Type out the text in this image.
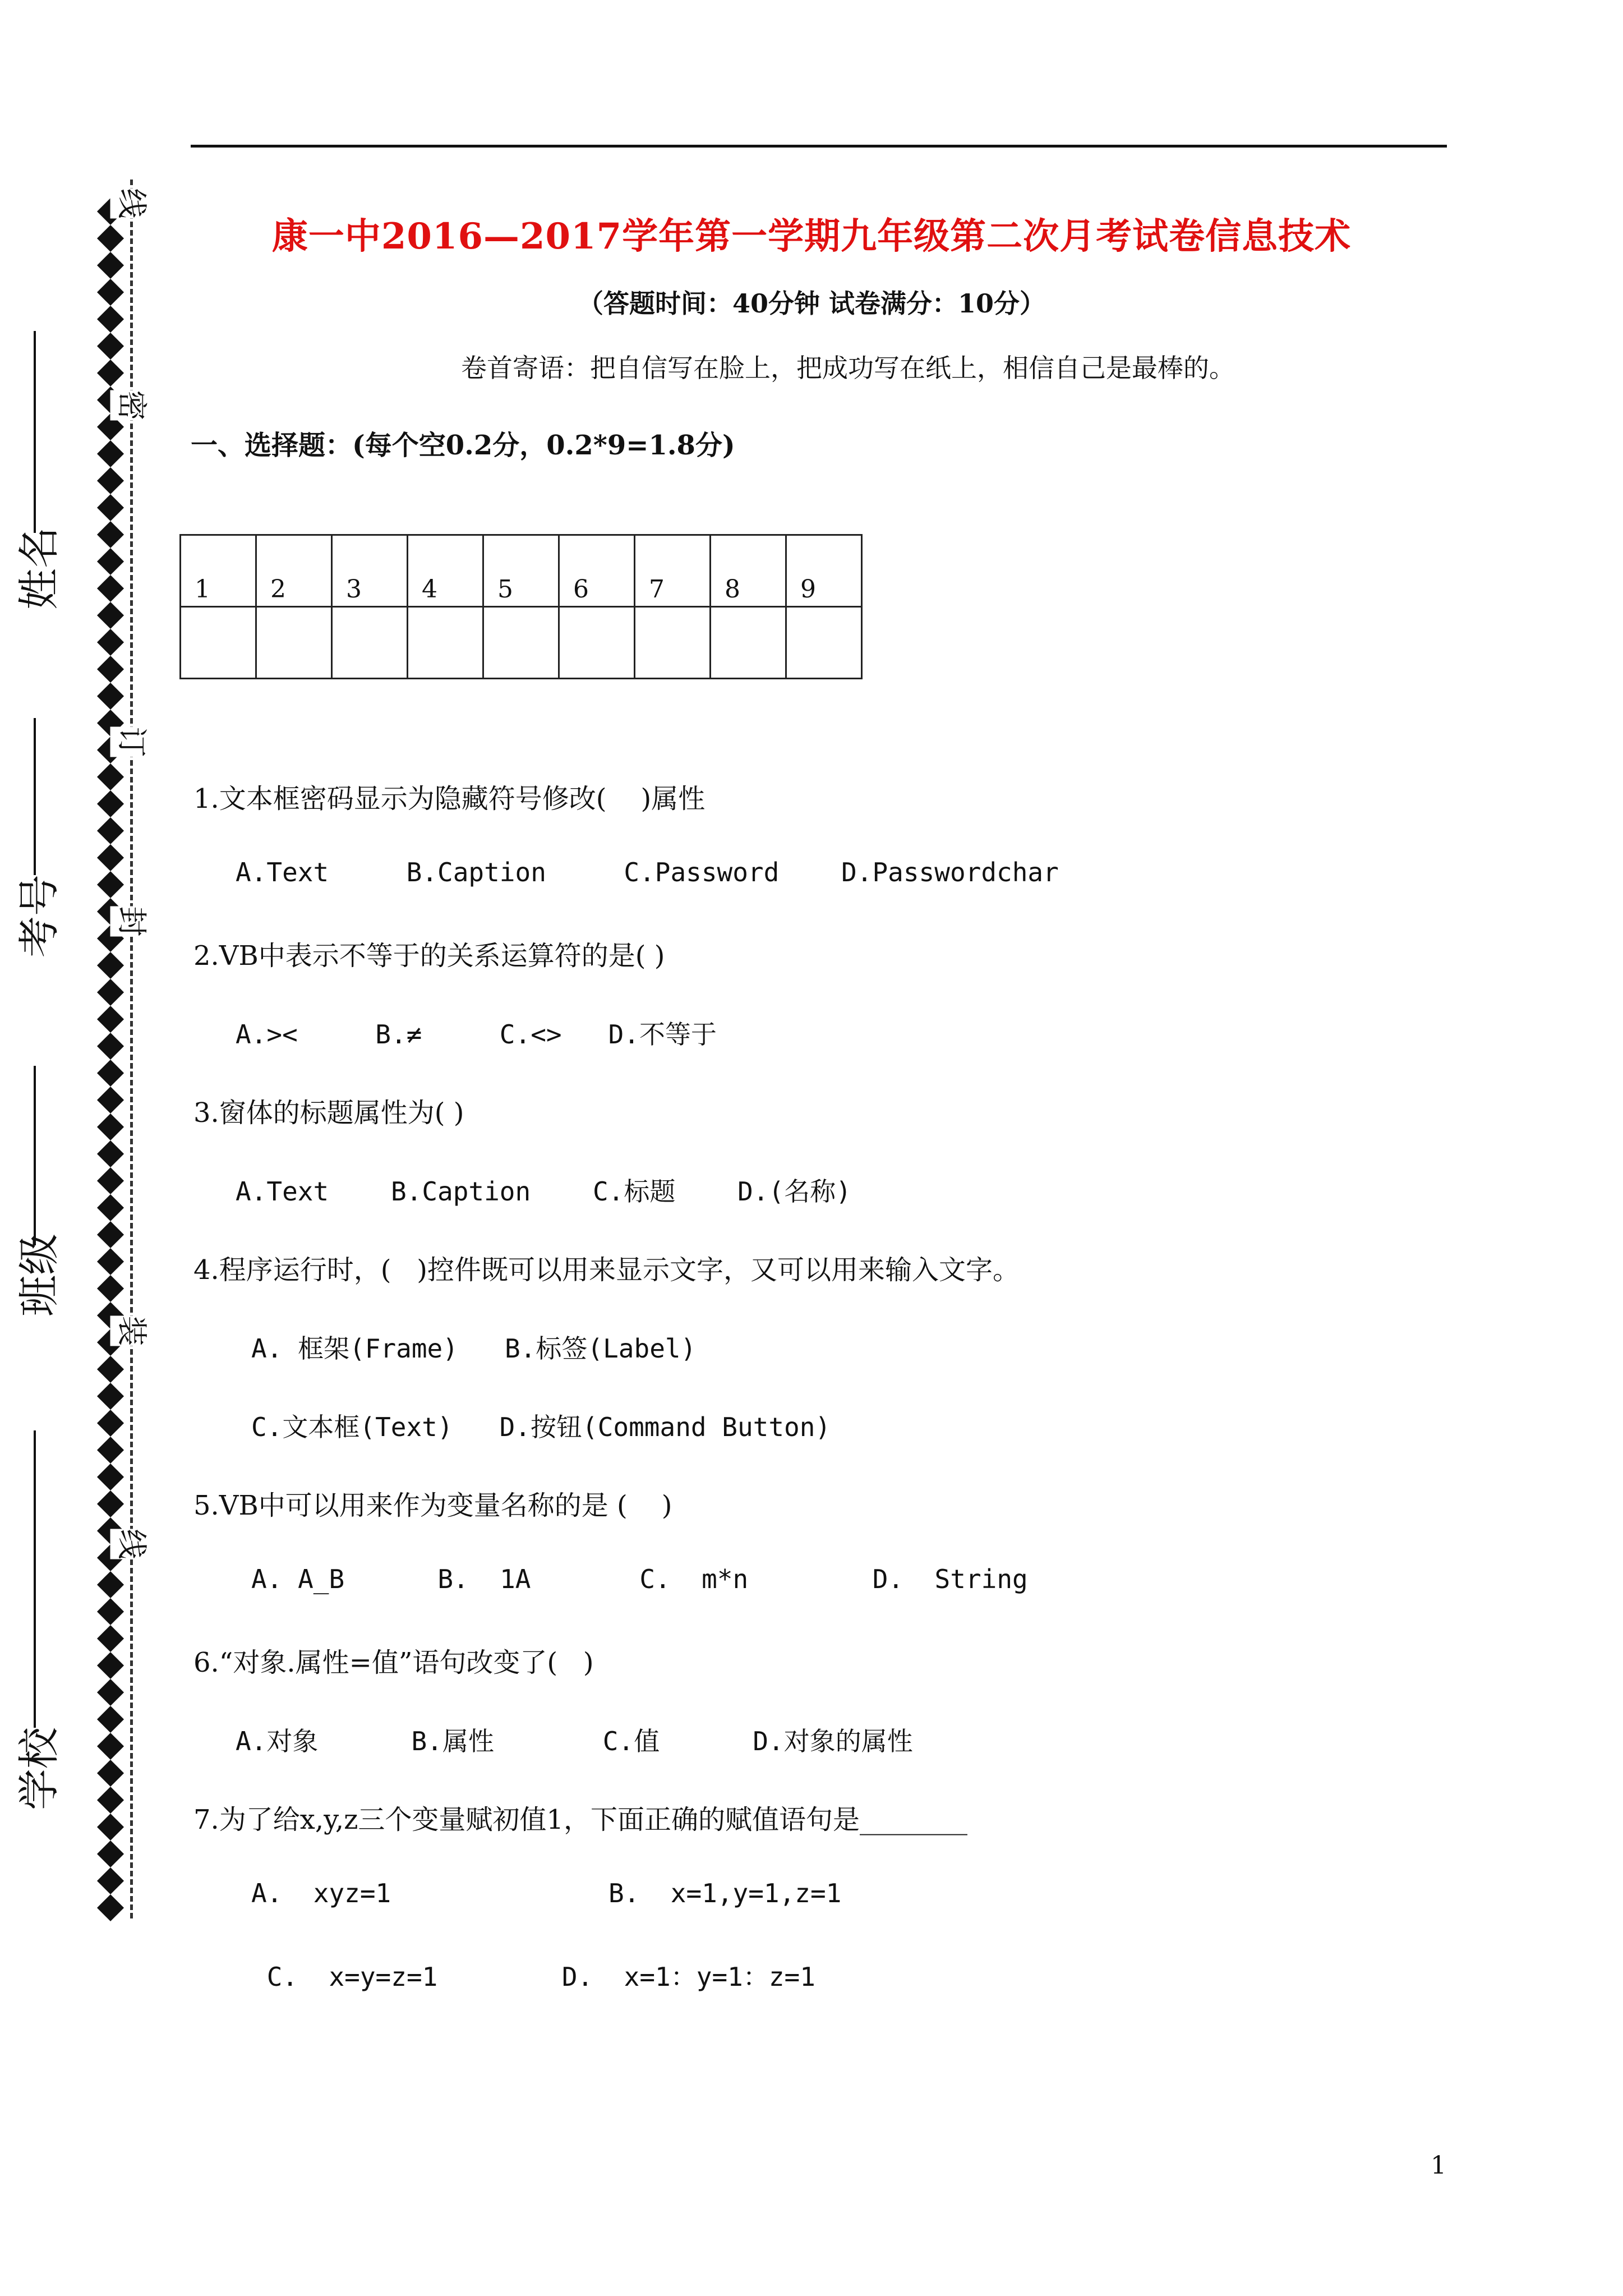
线
密
订
封
装
线
姓名
考号
班级
学校
康一中2016—2017学年第一学期九年级第二次月考试卷信息技术
（答题时间：40分钟 试卷满分：10分）
卷首寄语：把自信写在脸上，把成功写在纸上，相信自己是最棒的。
一、选择题：(每个空0.2分，0.2*9=1.8分)
1	2	3	4	5	6	7	8	9

1.文本框密码显示为隐藏符号修改(    )属性
A.Text     B.Caption     C.Password    D.Passwordchar
2.VB中表示不等于的关系运算符的是( )
A.><     B.≠     C.<>   D.不等于
3.窗体的标题属性为( )
A.Text    B.Caption    C.标题    D.(名称)
4.程序运行时，(   )控件既可以用来显示文字，又可以用来输入文字。
A. 框架(Frame)   B.标签(Label)
C.文本框(Text)   D.按钮(Command Button)
5.VB中可以用来作为变量名称的是 (    )
A. A_B      B.  1A       C.  m*n        D.  String
6.“对象.属性=值”语句改变了(   )
A.对象      B.属性       C.值      D.对象的属性
7.为了给x,y,z三个变量赋初值1，下面正确的赋值语句是________
A.  xyz=1              B.  x=1,y=1,z=1
C.  x=y=z=1        D.  x=1：y=1：z=1
1
